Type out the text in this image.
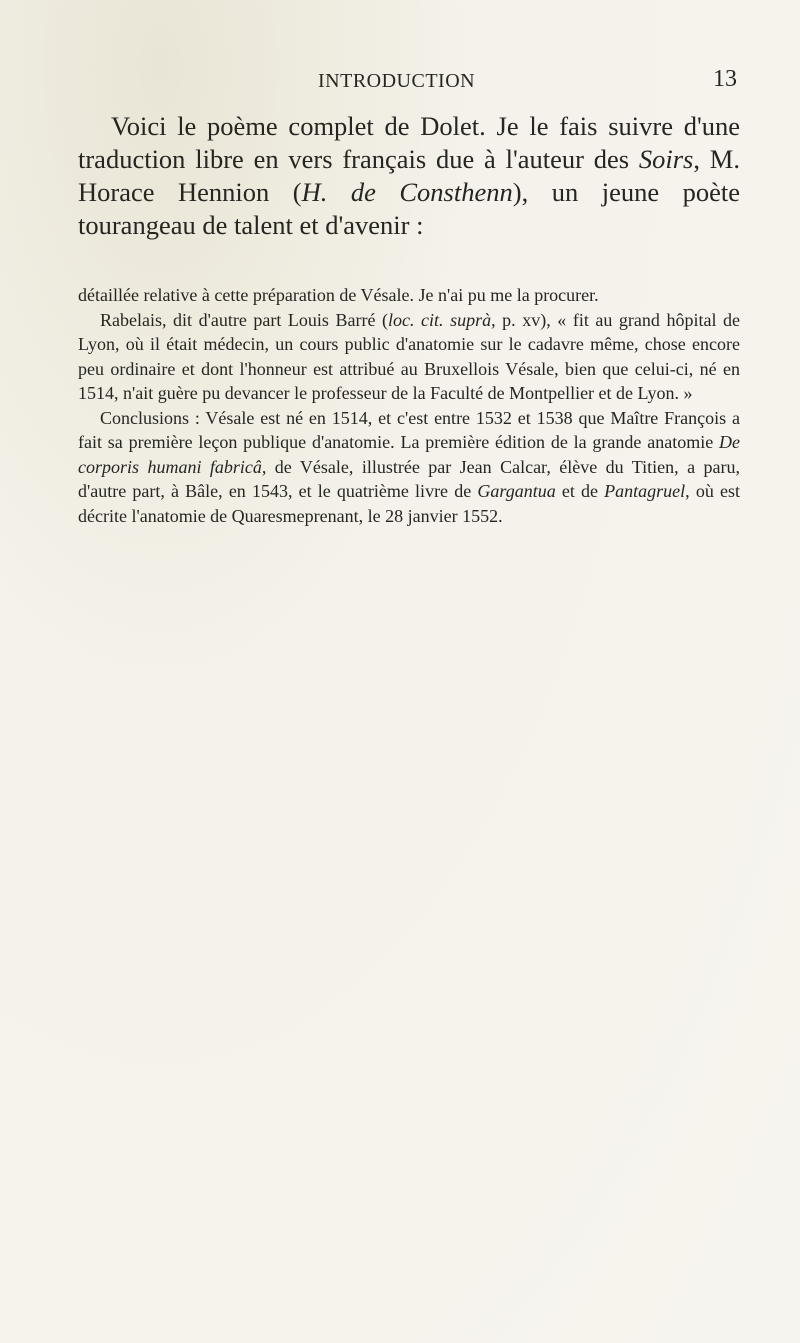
INTRODUCTION	13

Voici le poème complet de Dolet. Je le fais suivre d'une traduction libre en vers français due à l'auteur des Soirs, M. Horace Hennion (H. de Consthenn), un jeune poète tourangeau de talent et d'avenir :

détaillée relative à cette préparation de Vésale. Je n'ai pu me la procurer.

Rabelais, dit d'autre part Louis Barré (loc. cit. suprà, p. xv), « fit au grand hôpital de Lyon, où il était médecin, un cours public d'anatomie sur le cadavre même, chose encore peu ordinaire et dont l'honneur est attribué au Bruxellois Vésale, bien que celui-ci, né en 1514, n'ait guère pu devancer le professeur de la Faculté de Montpellier et de Lyon. »

Conclusions : Vésale est né en 1514, et c'est entre 1532 et 1538 que Maître François a fait sa première leçon publique d'anatomie. La première édition de la grande anatomie De corporis humani fabricâ, de Vésale, illustrée par Jean Calcar, élève du Titien, a paru, d'autre part, à Bâle, en 1543, et le quatrième livre de Gargantua et de Pantagruel, où est décrite l'anatomie de Quaresmeprenant, le 28 janvier 1552.
